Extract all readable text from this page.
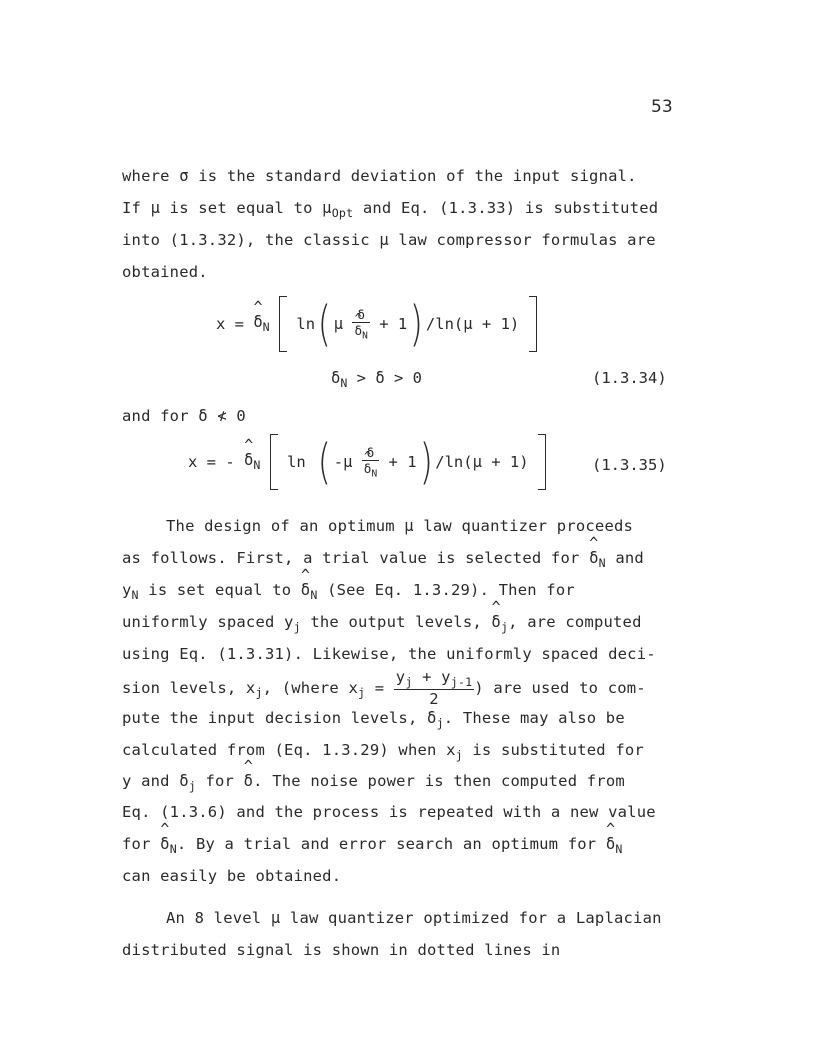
53
where σ is the standard deviation of the input signal.
If μ is set equal to $\mu_{Opt}$ and Eq. (1.3.33) is substituted
into (1.3.32), the classic μ law compressor formulas are
obtained.
x = ^ $\delta_N$ ln( μ δ
^ $\delta_N + 1$) /ln(μ + 1)
$\delta_N > \delta > 0$	(1.3.34)
and for δ ≮ 0
x = - ^ $\delta_N$ ln ( -μ δ
^ $\delta_N + 1$) /ln(μ + 1)	(1.3.35)
The design of an optimum μ law quantizer proceeds
as follows. First, a trial value is selected for ^ $\delta_N$ and
$y_N$ is set equal to ^ $\delta_N$ (See Eq. 1.3.29). Then for
uniformly spaced $y_j$ the output levels, ^ $\delta_j$, are computed
using Eq. (1.3.31). Likewise, the uniformly spaced deci-
sion levels, $x_j$, (where $x_j = \frac{y_j + y_{j-1}}{2}$ ) are used to com-
pute the input decision levels, $\delta_j$. These may also be
calculated from (Eq. 1.3.29) when $x_j$ is substituted for
y and $\delta_j$ for ^ δ. The noise power is then computed from
Eq. (1.3.6) and the process is repeated with a new value
for ^ $\delta_N$. By a trial and error search an optimum for ^ $\delta_N$
can easily be obtained.
An 8 level μ law quantizer optimized for a Laplacian
distributed signal is shown in dotted lines in
